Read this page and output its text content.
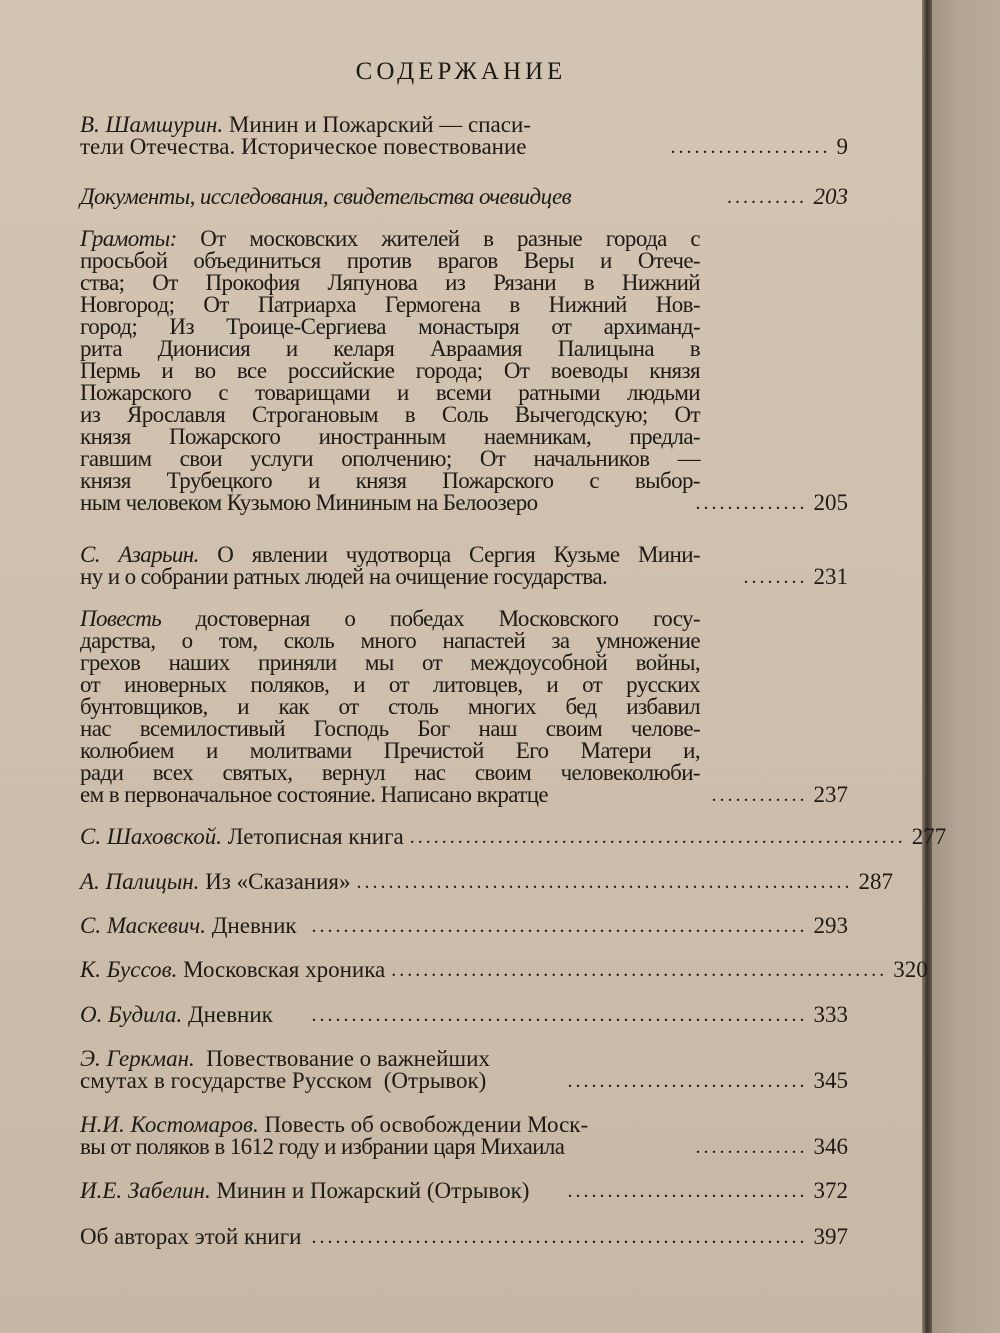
СОДЕРЖАНИЕ
В. Шамшурин. Минин и Пожарский — спаси-
тели Отечества. Историческое повествование	.................... 9
Документы, исследования, свидетельства очевидцев	.......... 203
Грамоты: От московских жителей в разные города с
просьбой объединиться против врагов Веры и Отече-
ства; От Прокофия Ляпунова из Рязани в Нижний
Новгород; От Патриарха Гермогена в Нижний Нов-
город; Из Троице-Сергиева монастыря от архиманд-
рита Дионисия и келаря Авраамия Палицына в
Пермь и во все российские города; От воеводы князя
Пожарского с товарищами и всеми ратными людьми
из Ярославля Строгановым в Соль Вычегодскую; От
князя Пожарского иностранным наемникам, предла-
гавшим свои услуги ополчению; От начальников —
князя Трубецкого и князя Пожарского с выбор-
ным человеком Кузьмою Мининым на Белоозеро	.............. 205
С. Азарьин. О явлении чудотворца Сергия Кузьме Мини-
ну и о собрании ратных людей на очищение государства.	........ 231
Повесть достоверная о победах Московского госу-
дарства, о том, сколь много напастей за умножение
грехов наших приняли мы от междоусобной войны,
от иноверных поляков, и от литовцев, и от русских
бунтовщиков, и как от столь многих бед избавил
нас всемилостивый Господь Бог наш своим челове-
колюбием и молитвами Пречистой Его Матери и,
ради всех святых, вернул нас своим человеколюби-
ем в первоначальное состояние. Написано вкратце	............ 237
С. Шаховской. Летописная книга .............................................................. 277
А. Палицын. Из «Сказания» .............................................................. 287
С. Маскевич. Дневник .............................................................. 293
К. Буссов. Московская хроника .............................................................. 320
О. Будила. Дневник	.............................................................. 333
Э. Геркман. Повествование о важнейших
смутах в государстве Русском  (Отрывок)	.............................. 345
Н.И. Костомаров. Повесть об освобождении Моск-
вы от поляков в 1612 году и избрании царя Михаила	.............. 346
И.Е. Забелин. Минин и Пожарский (Отрывок)	.............................. 372
Об авторах этой книги .............................................................. 397
